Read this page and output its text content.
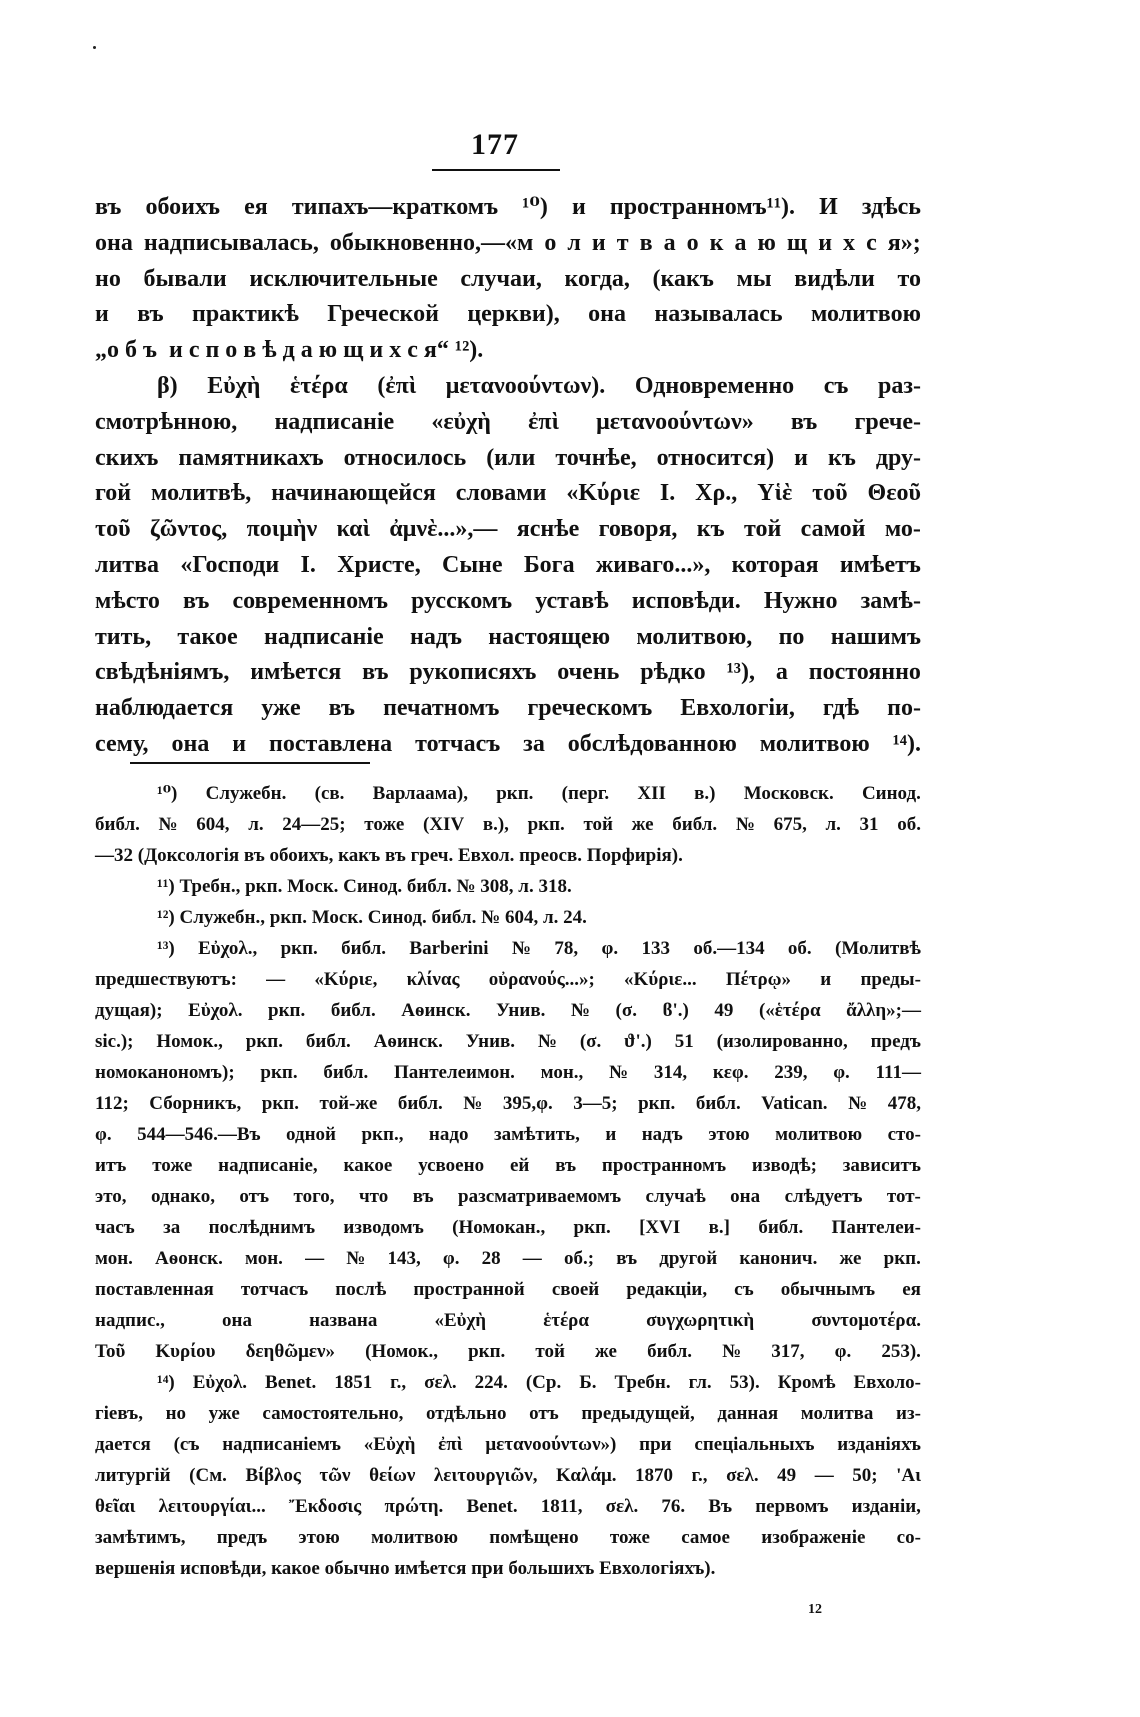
177
въ обоихъ ея типахъ—краткомъ ¹⁰) и пространномъ¹¹). И здѣсь
она надписывалась, обыкновенно,—«м о л и т в а о к а ю щ и х с я»;
но бывали исключительные случаи, когда, (какъ мы видѣли то
и въ практикѣ Греческой церкви), она называлась молитвою
„о б ъ  и с п о в ѣ д а ю щ и х с я“ ¹²).
β) Εὐχὴ ἑτέρα (ἐπὶ μετανοούντων). Одновременно съ раз-
смотрѣнною, надписаніе «εὐχὴ ἐπὶ μετανοούντων» въ грече-
скихъ памятникахъ относилось (или точнѣе, относится) и къ дру-
гой молитвѣ, начинающейся словами «Κύριε Ι. Χρ., Υἱὲ τοῦ Θεοῦ
τοῦ ζῶντος, ποιμὴν καὶ ἀμνὲ...»,— яснѣе говоря, къ той самой мо-
литва «Господи І. Христе, Сыне Бога живаго...», которая имѣетъ
мѣсто въ современномъ русскомъ уставѣ исповѣди. Нужно замѣ-
тить, такое надписаніе надъ настоящею молитвою, по нашимъ
свѣдѣніямъ, имѣется въ рукописяхъ очень рѣдко ¹³), а постоянно
наблюдается уже въ печатномъ греческомъ Евхологіи, гдѣ по-
сему, она и поставлена тотчасъ за обслѣдованною молитвою ¹⁴).
¹⁰) Служебн. (св. Варлаама), ркп. (перг. XII в.) Московск. Синод.
библ. № 604, л. 24—25; тоже (XIV в.), ркп. той же библ. № 675, л. 31 об.
—32 (Доксологія въ обоихъ, какъ въ греч. Евхол. преосв. Порфирія).
¹¹) Требн., ркп. Моск. Синод. библ. № 308, л. 318.
¹²) Служебн., ркп. Моск. Синод. библ. № 604, л. 24.
¹³) Εὐχολ., ркп. библ. Barberini № 78, φ. 133 об.—134 об. (Молитвѣ
предшествуютъ: — «Κύριε, κλίνας οὐρανούς...»; «Κύριε... Πέτρῳ» и преды-
дущая); Εὐχολ. ркп. библ. Аѳинск. Унив. № (σ. ϐ'.) 49 («ἑτέρα ἄλλη»;—
sic.); Номок., ркп. библ. Аѳинск. Унив. № (σ. ϑ'.) 51 (изолированно, предъ
номоканономъ); ркп. библ. Пантелеимон. мон., № 314, кεφ. 239, φ. 111—
112; Сборникъ, ркп. той-же библ. № 395,φ. 3—5; ркп. библ. Vatican. № 478,
φ. 544—546.—Въ одной ркп., надо замѣтить, и надъ этою молитвою сто-
итъ тоже надписаніе, какое усвоено ей въ пространномъ изводѣ; зависитъ
это, однако, отъ того, что въ разсматриваемомъ случаѣ она слѣдуетъ тот-
часъ за послѣднимъ изводомъ (Номокан., ркп. [XVI в.] библ. Пантелеи-
мон. Аѳонск. мон. — № 143, φ. 28 — об.; въ другой канонич. же ркп.
поставленная тотчасъ послѣ пространной своей редакціи, съ обычнымъ ея
надпис.,	она	названа	«Εὐχὴ	ἑτέρα	συγχωρητικὴ	συντομοτέρα.
Τοῦ Κυρίου δεηθῶμεν» (Номок., ркп. той же библ. № 317, φ. 253).
¹⁴) Εὐχολ. Benet. 1851 г., σελ. 224. (Ср. Б. Требн. гл. 53). Кромѣ Евхоло-
гіевъ, но уже самостоятельно, отдѣльно отъ предыдущей, данная молитва из-
дается (съ надписаніемъ «Εὐχὴ ἐπὶ μετανοούντων») при спеціальныхъ изданіяхъ
литургій (См. Βίβλος τῶν θείων λειτουργιῶν, Καλάμ. 1870 г., σελ. 49 — 50; 'Αι
θεῖαι λειτουργίαι... Ἔκδοσις πρώτη. Benet. 1811, σελ. 76. Въ первомъ изданіи,
замѣтимъ, предъ этою молитвою помѣщено тоже самое изображеніе со-
вершенія исповѣди, какое обычно имѣется при большихъ Евхологіяхъ).
12
